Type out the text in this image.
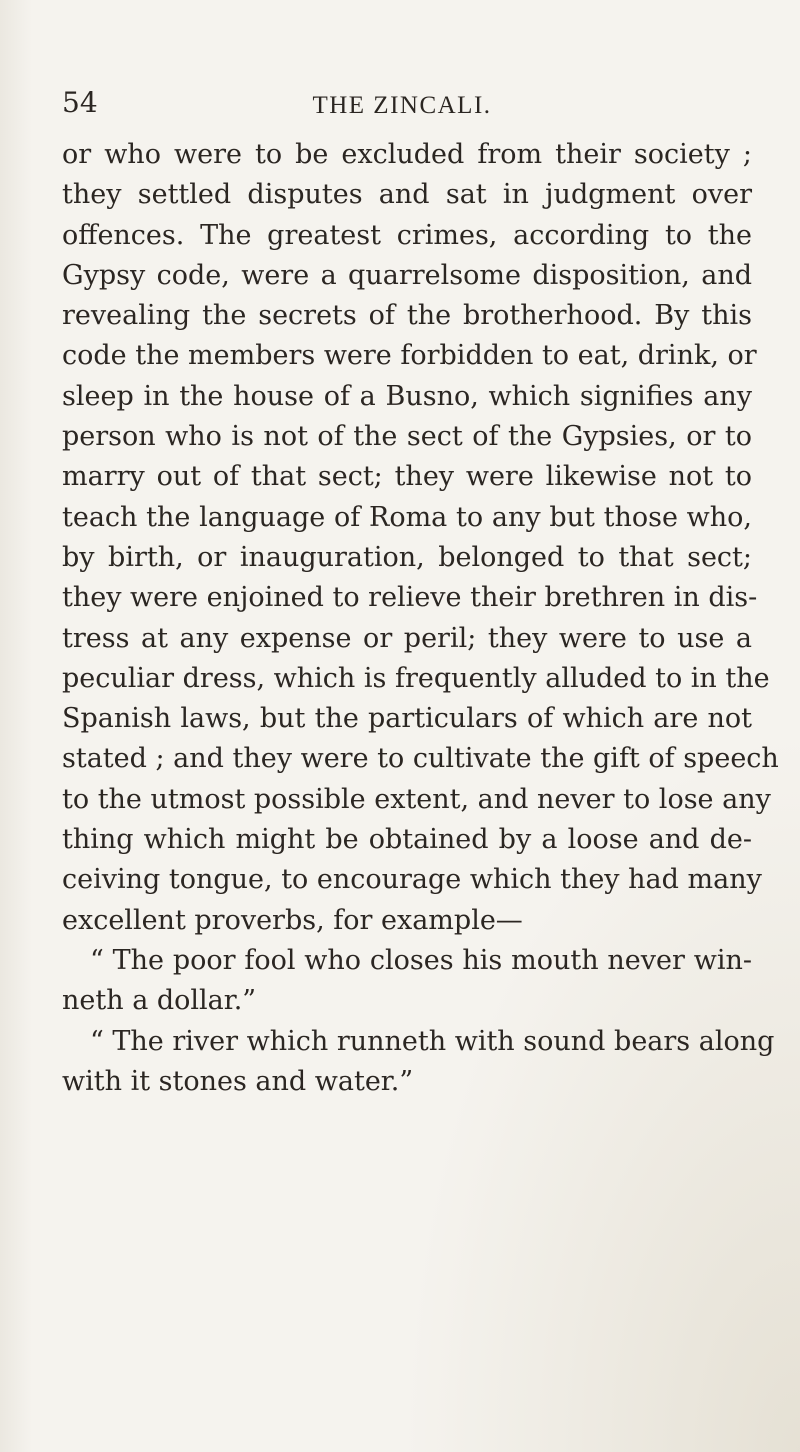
54	THE ZINCALI.
or who were to be excluded from their society ;
they settled disputes and sat in judgment over
offences. The greatest crimes, according to the
Gypsy code, were a quarrelsome disposition, and
revealing the secrets of the brotherhood. By this
code the members were forbidden to eat, drink, or
sleep in the house of a Busno, which signifies any
person who is not of the sect of the Gypsies, or to
marry out of that sect; they were likewise not to
teach the language of Roma to any but those who,
by birth, or inauguration, belonged to that sect;
they were enjoined to relieve their brethren in dis-
tress at any expense or peril; they were to use a
peculiar dress, which is frequently alluded to in the
Spanish laws, but the particulars of which are not
stated ; and they were to cultivate the gift of speech
to the utmost possible extent, and never to lose any
thing which might be obtained by a loose and de-
ceiving tongue, to encourage which they had many
excellent proverbs, for example—
“ The poor fool who closes his mouth never win-
neth a dollar.”
“ The river which runneth with sound bears along
with it stones and water.”
